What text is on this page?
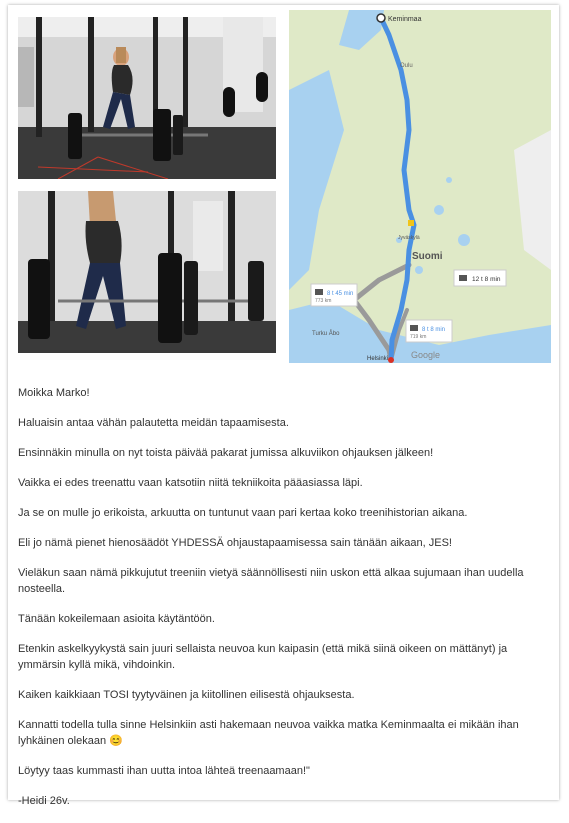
Keminmaa
Oulu
Jyväskylä
Suomi
Turku Åbo
Helsinki
12 t 8 min
8 t 45 min
773 km
8 t 8 min
719 km
Google

Moikka Marko!

Haluaisin antaa vähän palautetta meidän tapaamisesta.

Ensinnäkin minulla on nyt toista päivää pakarat jumissa alkuviikon ohjauksen jälkeen!

Vaikka ei edes treenattu vaan katsotiin niitä tekniikoita pääasiassa läpi.

Ja se on mulle jo erikoista, arkuutta on tuntunut vaan pari kertaa koko treenihistorian aikana.

Eli jo nämä pienet hienosäädöt YHDESSÄ ohjaustapaamisessa sain tänään aikaan, JES!

Vieläkun saan nämä pikkujutut treeniin vietyä säännöllisesti niin uskon että alkaa sujumaan ihan uudella nosteella.

Tänään kokeilemaan asioita käytäntöön.

Etenkin askelkyykystä sain juuri sellaista neuvoa kun kaipasin (että mikä siinä oikeen on mättänyt) ja ymmärsin kyllä mikä, vihdoinkin.

Kaiken kaikkiaan TOSI tyytyväinen ja kiitollinen eilisestä ohjauksesta.

Kannatti todella tulla sinne Helsinkiin asti hakemaan neuvoa vaikka matka Keminmaalta ei mikään ihan lyhkäinen olekaan 😊

Löytyy taas kummasti ihan uutta intoa lähteä treenaamaan!"

-Heidi 26v.
